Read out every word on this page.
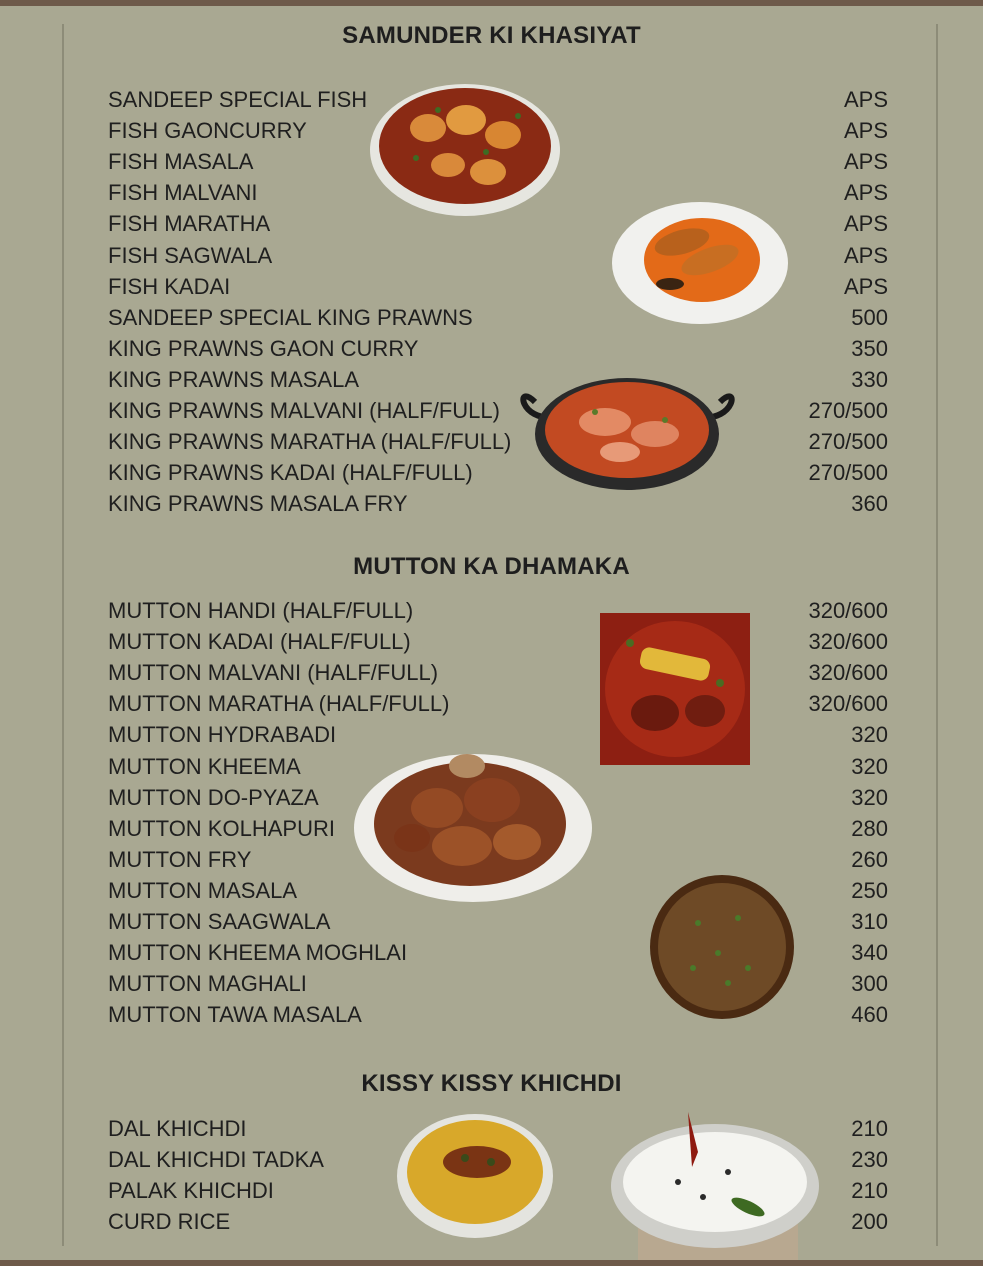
SAMUNDER KI KHASIYAT
MUTTON KA DHAMAKA
KISSY KISSY KHICHDI
SANDEEP SPECIAL FISH	APS
FISH GAONCURRY	APS
FISH MASALA	APS
FISH MALVANI	APS
FISH MARATHA	APS
FISH SAGWALA	APS
FISH KADAI	APS
SANDEEP SPECIAL KING PRAWNS	500
KING PRAWNS GAON CURRY	350
KING PRAWNS MASALA	330
KING PRAWNS MALVANI (HALF/FULL)	270/500
KING PRAWNS MARATHA (HALF/FULL)	270/500
KING PRAWNS KADAI (HALF/FULL)	270/500
KING PRAWNS MASALA FRY	360
MUTTON HANDI (HALF/FULL)	320/600
MUTTON KADAI (HALF/FULL)	320/600
MUTTON MALVANI (HALF/FULL)	320/600
MUTTON MARATHA (HALF/FULL)	320/600
MUTTON HYDRABADI	320
MUTTON KHEEMA	320
MUTTON DO-PYAZA	320
MUTTON KOLHAPURI	280
MUTTON FRY	260
MUTTON MASALA	250
MUTTON SAAGWALA	310
MUTTON KHEEMA MOGHLAI	340
MUTTON MAGHALI	300
MUTTON TAWA MASALA	460
DAL KHICHDI	210
DAL KHICHDI TADKA	230
PALAK KHICHDI	210
CURD RICE	200
